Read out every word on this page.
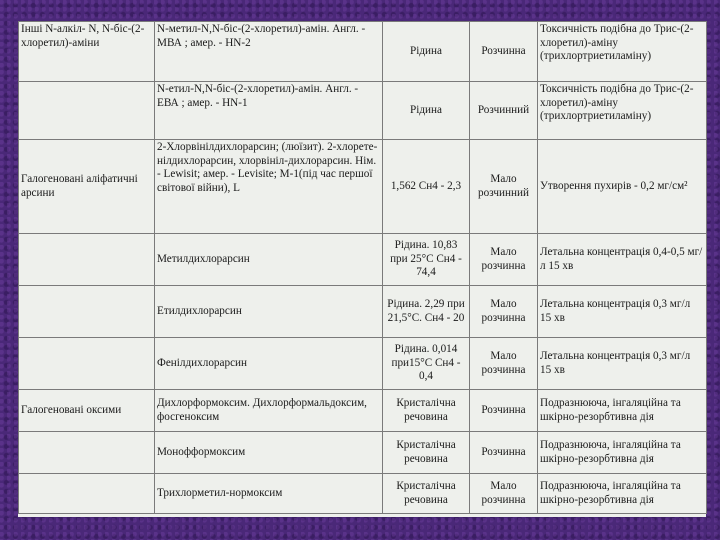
Інші N-алкіл- N, N-біс-(2-хлоретил)-аміни	N-метил-N,N-біс-(2-хлоретил)-амін. Англ. - МВА ; амер. - HN-2	Рідина	Розчинна	Токсичність подібна до Трис-(2-хлоретил)-аміну (трихлортриетиламіну)
	N-етил-N,N-біс-(2-хлоретил)-амін. Англ. - ЕВА ; амер. - HN-1	Рідина	Розчинний	Токсичність подібна до Трис-(2-хлоретил)-аміну (трихлортриетиламіну)
Галогеновані аліфатичні арсини	2-Хлорвінілдихлорарсин; (люїзит). 2-хлорете-нілдихлорарсин, хлорвініл-дихлорарсин. Нім. - Lewisit; амер. - Levisite; М-1(під час першої світової війни), L	1,562 Сн4 - 2,3	Мало розчинний	Утворення пухирів - 0,2 мг/см²
	Метилдихлорарсин	Рідина. 10,83 при 25°С Сн4 - 74,4	Мало розчинна	Летальна концентрація 0,4-0,5 мг/л 15 хв
	Етилдихлорарсин	Рідина. 2,29 при 21,5°С. Сн4 - 20	Мало розчинна	Летальна концентрація 0,3 мг/л 15 хв
	Фенілдихлорарсин	Рідина. 0,014 при15°С Сн4 - 0,4	Мало розчинна	Летальна концентрація 0,3 мг/л 15 хв
Галогеновані оксими	Дихлорформоксим. Дихлорформальдоксим, фосгеноксим	Кристалічна речовина	Розчинна	Подразнююча, інгаляційна та шкірно-резорбтивна дія
	Монофформоксим	Кристалічна речовина	Розчинна	Подразнююча, інгаляційна та шкірно-резорбтивна дія
	Трихлорметил-нормоксим	Кристалічна речовина	Мало розчинна	Подразнююча, інгаляційна та шкірно-резорбтивна дія
